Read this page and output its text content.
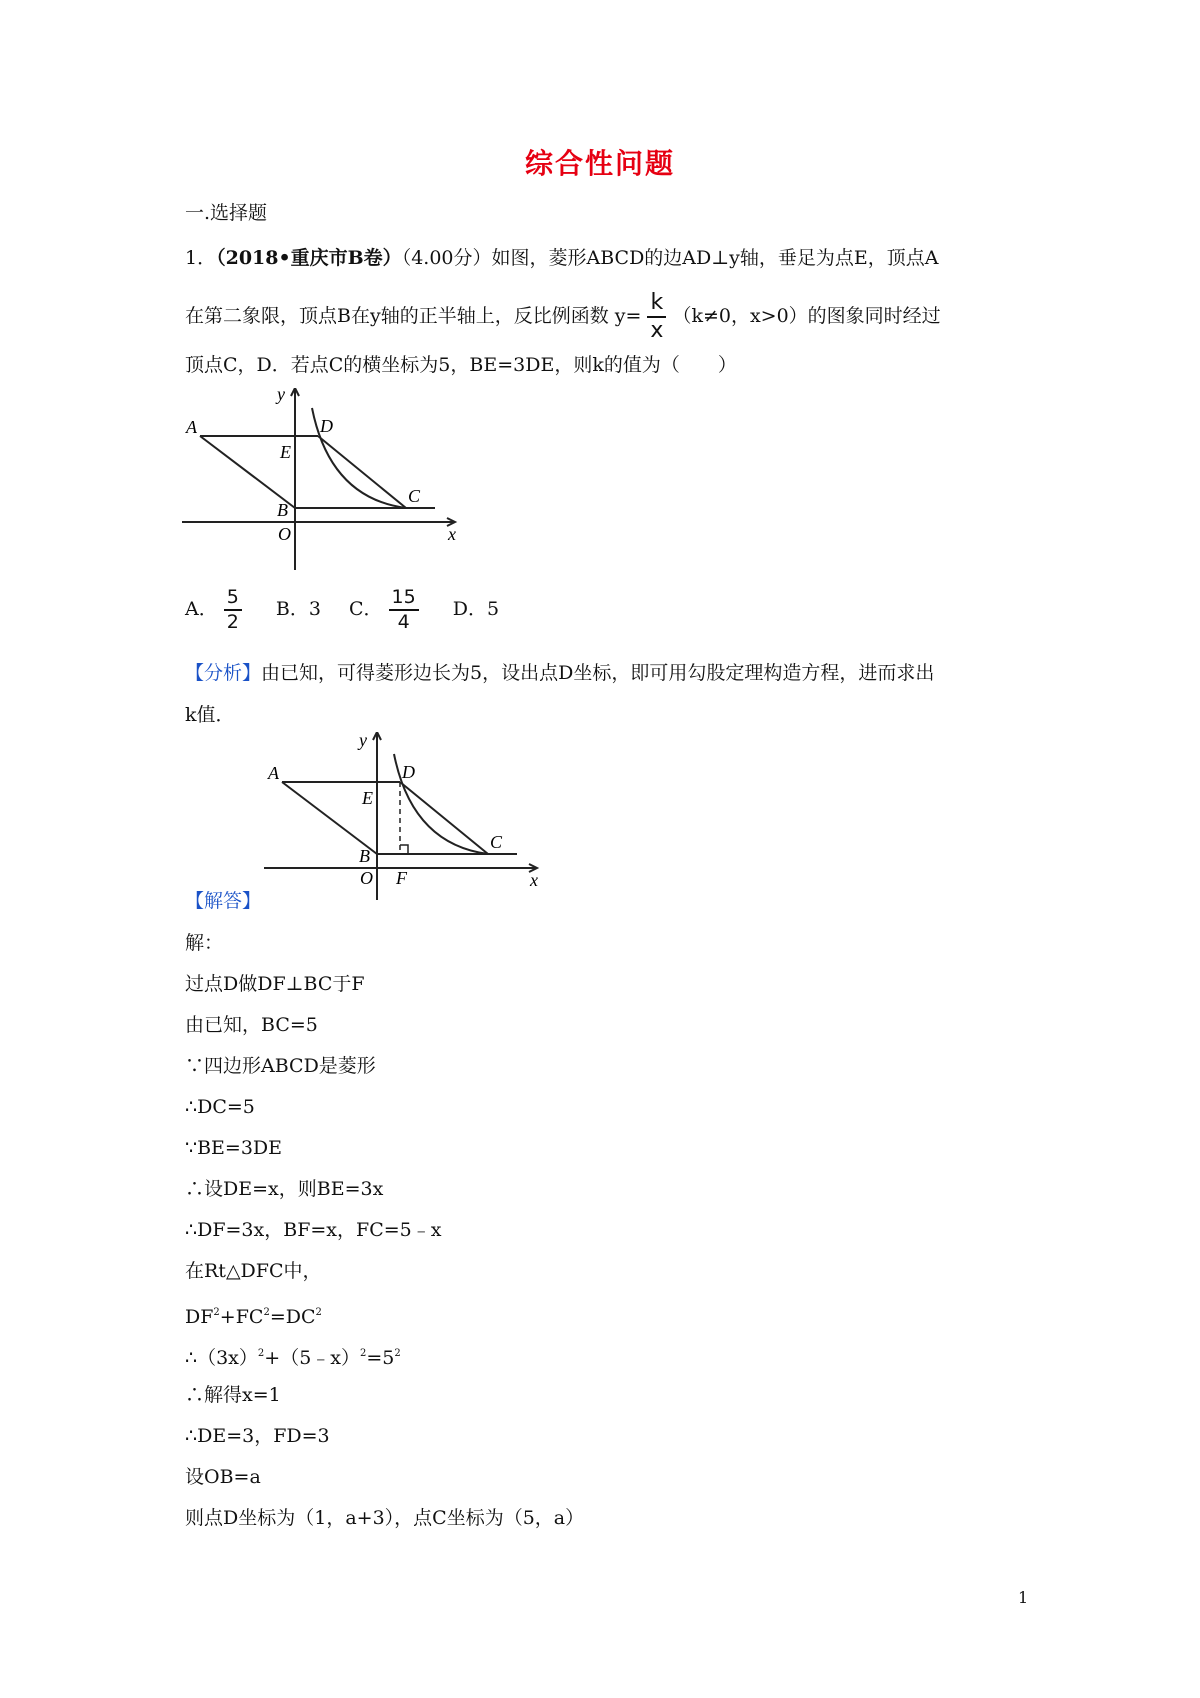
综合性问题
一.选择题
1．（2018•重庆市B卷）（4.00分）如图，菱形ABCD的边AD⊥y轴，垂足为点E，顶点A
在第二象限，顶点B在y轴的正半轴上，反比例函数 $y= \frac{k}{x} (k\ne 0$，x>0）的图象同时经过
顶点C，D．若点C的横坐标为5，BE=3DE，则k的值为（　　）
A
E
D
C
B
O
y
x
A． $\frac{5}{2}$ B．3 C． $\frac{15}{4}$ D．5
【分析】由已知，可得菱形边长为5，设出点D坐标，即可用勾股定理构造方程，进而求出
k值．
A
E
D
C
B
O F
y
x
【解答】
解：
过点D做DF⊥BC于F
由已知，BC=5
∵四边形ABCD是菱形
∴DC=5
∵BE=3DE
∴设DE=x，则BE=3x
∴DF=3x，BF=x，FC=5﹣x
在Rt△DFC中，
$DF^2+FC^2=DC^2$
$\therefore(3x)^2+(5﹣x)^2=5^2$
∴解得x=1
∴DE=3，FD=3
设OB=a
则点D坐标为（1，a+3），点C坐标为（5，a）
1
